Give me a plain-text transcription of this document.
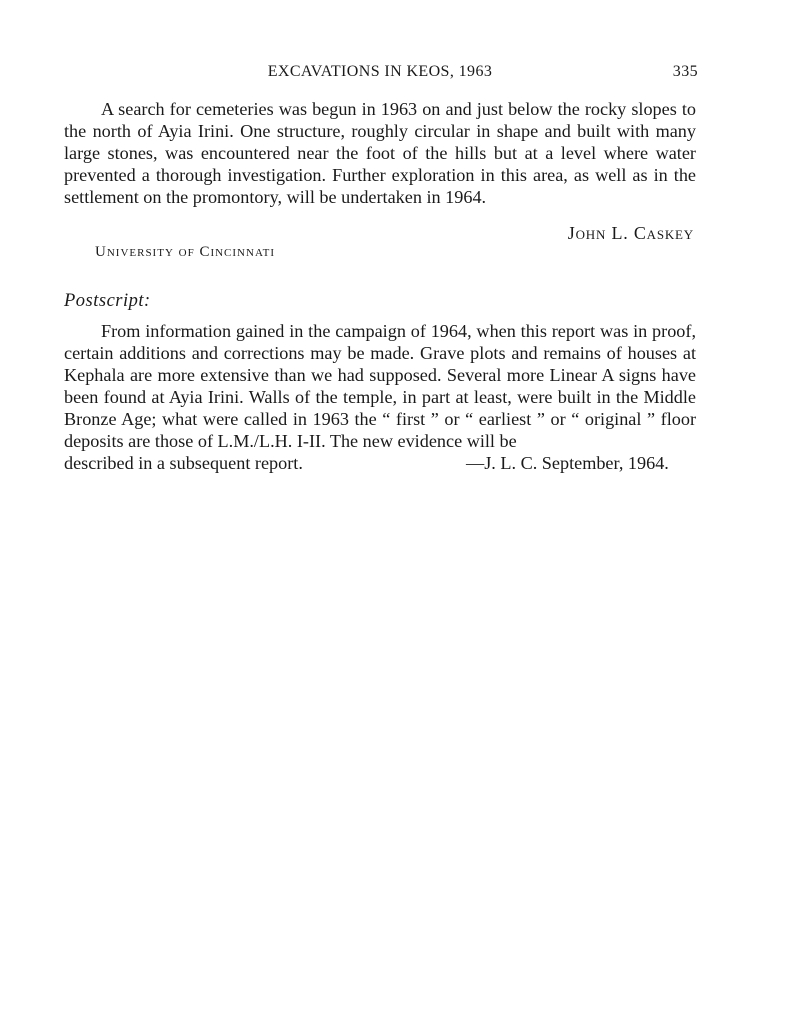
EXCAVATIONS IN KEOS, 1963	335

A search for cemeteries was begun in 1963 on and just below the rocky slopes to the north of Ayia Irini. One structure, roughly circular in shape and built with many large stones, was encountered near the foot of the hills but at a level where water prevented a thorough investigation. Further exploration in this area, as well as in the settlement on the promontory, will be undertaken in 1964.

John L. Caskey
University of Cincinnati
Postscript:

From information gained in the campaign of 1964, when this report was in proof, certain additions and corrections may be made. Grave plots and remains of houses at Kephala are more extensive than we had supposed. Several more Linear A signs have been found at Ayia Irini. Walls of the temple, in part at least, were built in the Middle Bronze Age; what were called in 1963 the “ first ” or “ earliest ” or “ original ” floor deposits are those of L.M./L.H. I-II. The new evidence will be

described in a subsequent report.	—J. L. C. September, 1964.
